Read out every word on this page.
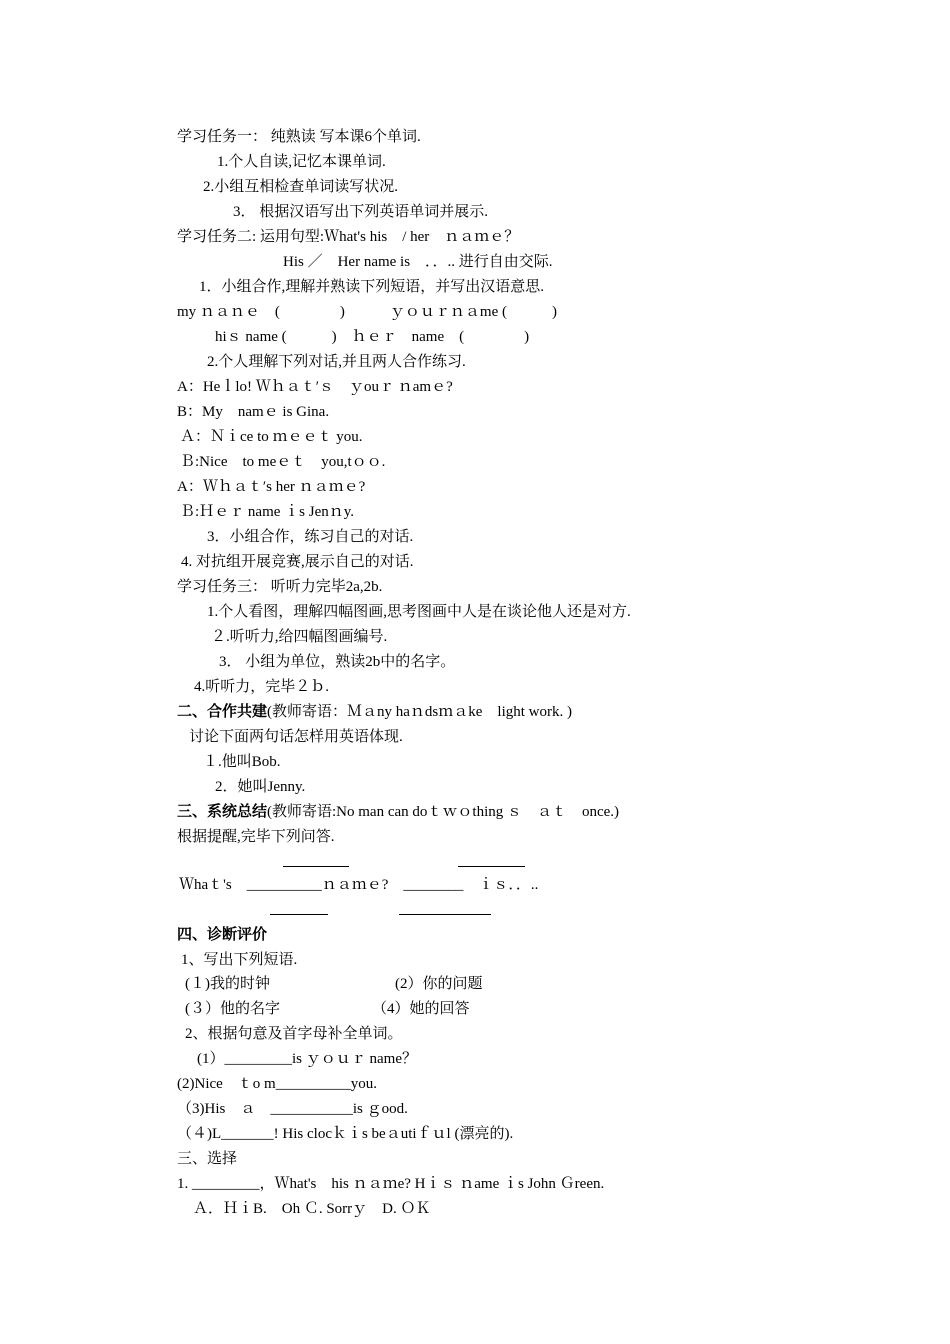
学习任务一： 纯熟读 写本课6个单词.
1.个人自读,记忆本课单词.
2.小组互相检查单词读写状况.
3． 根据汉语写出下列英语单词并展示.
学习任务二: 运用句型:Ｗhat's his　/ her　ｎａｍｅ？
His ／　Her name is　．．.. 进行自由交际.
1．小组合作,理解并熟读下列短语，并写出汉语意思.
my ｎａｎｅ　(　　　　)　　　ｙｏｕｒｎａme (　　　)
hiｓ name (　　　)　ｈｅｒ　name　(　　　　)
2.个人理解下列对话,并且两人合作练习.
A：Heｌlo! Ｗｈａｔ′ｓ　ｙouｒ ｎamｅ?
B：My　namｅ is Gina.
Ａ：Ｎｉce to ｍｅｅｔ you.
Ｂ:Nice　to meｅｔ　you,tｏｏ.
A：Ｗｈａｔ′s her ｎａｍｅ?
Ｂ:Ｈｅｒ name ｉs Jenｎy.
3．小组合作，练习自己的对话.
4. 对抗组开展竞赛,展示自己的对话.
学习任务三： 听听力完毕2a,2b.
1.个人看图，理解四幅图画,思考图画中人是在谈论他人还是对方.
２.听听力,给四幅图画编号.
3． 小组为单位，熟读2b中的名字。
4.听听力，完毕２ｂ.
二、合作共建(教师寄语：Ｍａny haｎdsｍａke　light work. )
讨论下面两句话怎样用英语体现.
１.他叫Bob.
2．她叫Jenny.
三、系统总结(教师寄语:No man can doｔｗｏthing ｓ　ａｔ　once.)
根据提醒,完毕下列问答.
Ｗhaｔ's　__________ｎａｍｅ?　________　ｉｓ．．..
四、诊断评价
1、写出下列短语.
(１)我的时钟	(2）你的问题
(３）他的名字	（4）她的回答
2、根据句意及首字母补全单词。
(1）_________is ｙｏｕｒ name？
(2)Nice　ｔo m__________you.
（3)His　ａ　___________is ｇood.
（４)L_______! His clocｋｉs beａutiｆｕl (漂亮的).
三、选择
1. _________，Ｗhat's　his ｎａｍe? Hｉｓ ｎame ｉs John Ｇreen.
Ａ．ＨｉB.　Oh Ｃ. Sorrｙ　D. ＯＫ
